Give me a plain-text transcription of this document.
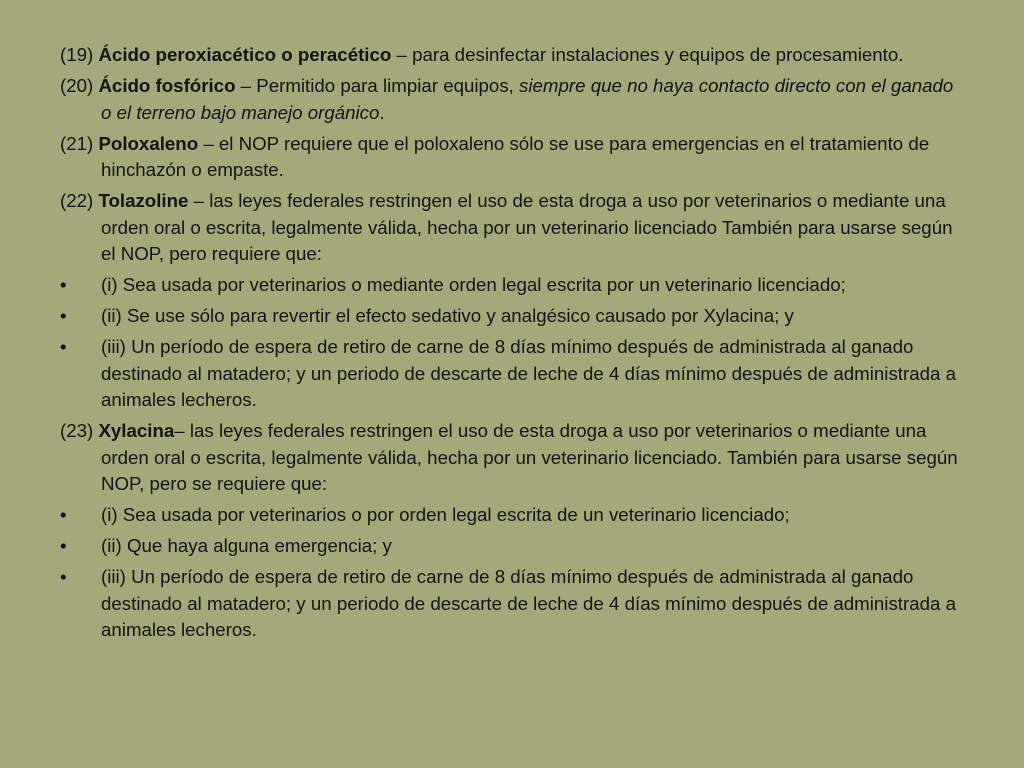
(19) Ácido peroxiacético o peracético – para desinfectar instalaciones y equipos de procesamiento.
(20) Ácido fosfórico – Permitido para limpiar equipos, siempre que no haya contacto directo con el ganado o el terreno bajo manejo orgánico.
(21) Poloxaleno – el NOP requiere que el poloxaleno sólo se use para emergencias en el tratamiento de hinchazón o empaste.
(22) Tolazoline – las leyes federales restringen el uso de esta droga a uso por veterinarios o mediante una orden oral o escrita, legalmente válida, hecha por un veterinario licenciado También para usarse según el NOP, pero requiere que:
•	(i) Sea usada por veterinarios o mediante orden legal escrita por un veterinario licenciado;
•	(ii) Se use sólo para revertir el efecto sedativo y analgésico causado por Xylacina; y
•	(iii) Un período de espera de retiro de carne de 8 días mínimo después de administrada al ganado destinado al matadero; y un periodo de descarte de leche de 4 días mínimo después de administrada a animales lecheros.
(23) Xylacina– las leyes federales restringen el uso de esta droga a uso por veterinarios o mediante una orden oral o escrita, legalmente válida, hecha por un veterinario licenciado. También para usarse según NOP, pero se requiere que:
•	(i) Sea usada por veterinarios o por orden legal escrita de un veterinario licenciado;
•	(ii) Que haya alguna emergencia; y
•	(iii) Un período de espera de retiro de carne de 8 días mínimo después de administrada al ganado destinado al matadero; y un periodo de descarte de leche de 4 días mínimo después de administrada a animales lecheros.
